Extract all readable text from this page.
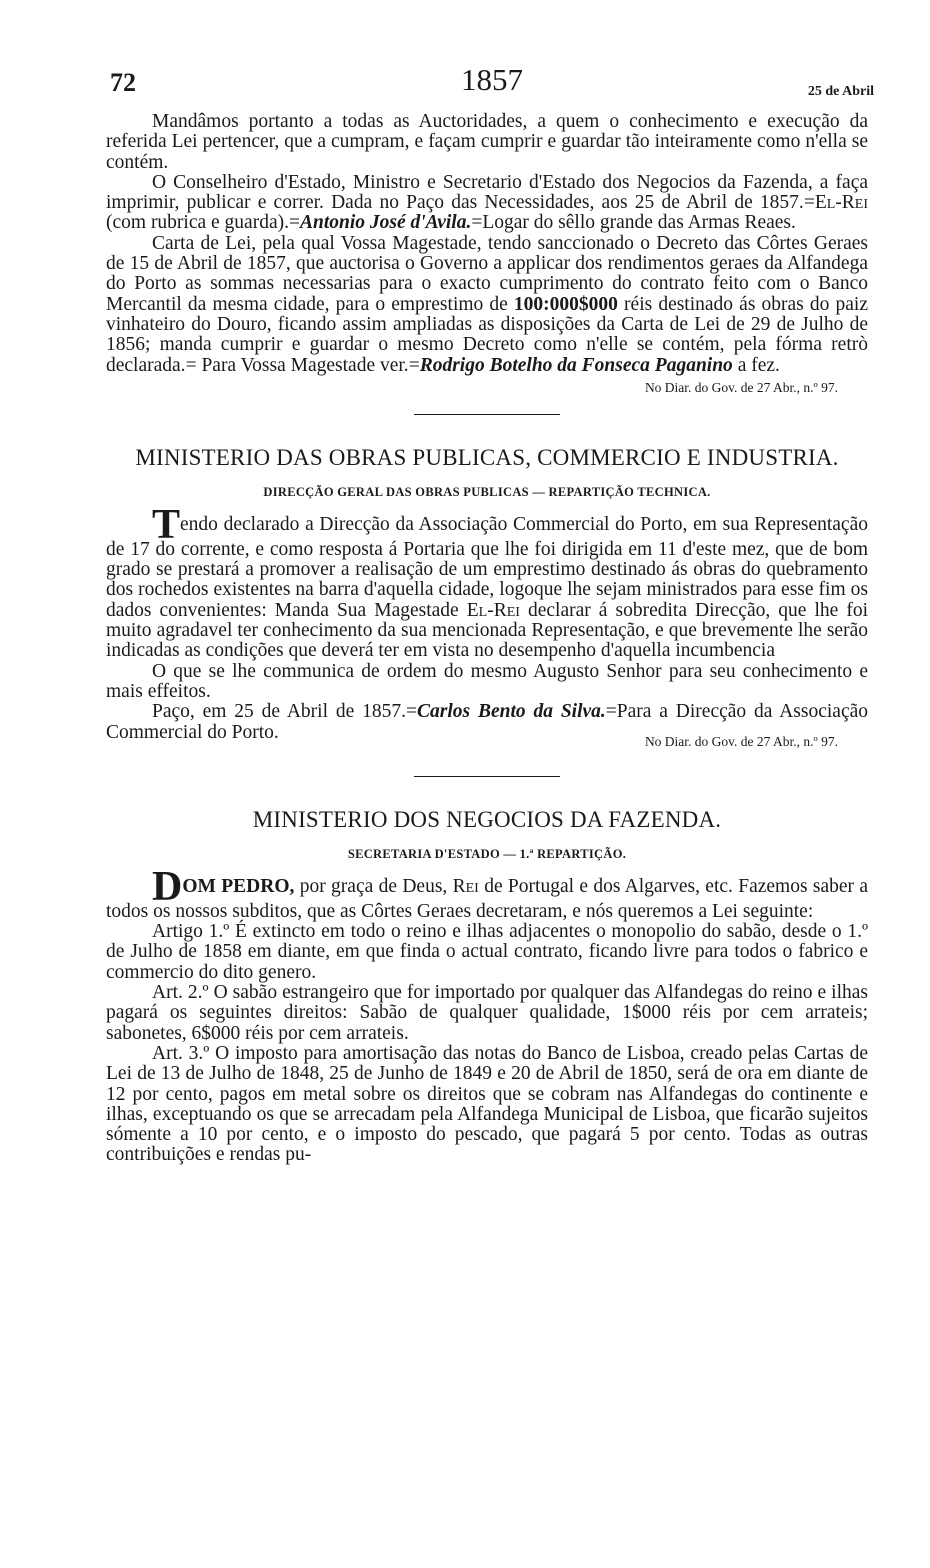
72	1857	25 de Abril

Mandâmos portanto a todas as Auctoridades, a quem o conhecimento e execução da referida Lei pertencer, que a cumpram, e façam cumprir e guardar tão inteiramente como n'ella se contém.

O Conselheiro d'Estado, Ministro e Secretario d'Estado dos Negocios da Fazenda, a faça imprimir, publicar e correr. Dada no Paço das Necessidades, aos 25 de Abril de 1857.=El-Rei (com rubrica e guarda).=Antonio José d'Avila.=Logar do sêllo grande das Armas Reaes.

Carta de Lei, pela qual Vossa Magestade, tendo sanccionado o Decreto das Côrtes Geraes de 15 de Abril de 1857, que auctorisa o Governo a applicar dos rendimentos geraes da Alfandega do Porto as sommas necessarias para o exacto cumprimento do contrato feito com o Banco Mercantil da mesma cidade, para o emprestimo de 100:000$000 réis destinado ás obras do paiz vinhateiro do Douro, ficando assim ampliadas as disposições da Carta de Lei de 29 de Julho de 1856; manda cumprir e guardar o mesmo Decreto como n'elle se contém, pela fórma retrò declarada.= Para Vossa Magestade ver.=Rodrigo Botelho da Fonseca Paganino a fez.

No Diar. do Gov. de 27 Abr., n.º 97.
MINISTERIO DAS OBRAS PUBLICAS, COMMERCIO E INDUSTRIA.
DIRECÇÃO GERAL DAS OBRAS PUBLICAS — REPARTIÇÃO TECHNICA.

Tendo declarado a Direcção da Associação Commercial do Porto, em sua Representação de 17 do corrente, e como resposta á Portaria que lhe foi dirigida em 11 d'este mez, que de bom grado se prestará a promover a realisação de um emprestimo destinado ás obras do quebramento dos rochedos existentes na barra d'aquella cidade, logoque lhe sejam ministrados para esse fim os dados convenientes: Manda Sua Magestade El-Rei declarar á sobredita Direcção, que lhe foi muito agradavel ter conhecimento da sua mencionada Representação, e que brevemente lhe serão indicadas as condições que deverá ter em vista no desempenho d'aquella incumbencia

O que se lhe communica de ordem do mesmo Augusto Senhor para seu conhecimento e mais effeitos.

Paço, em 25 de Abril de 1857.=Carlos Bento da Silva.=Para a Direcção da Associação Commercial do Porto.	No Diar. do Gov. de 27 Abr., n.º 97.

MINISTERIO DOS NEGOCIOS DA FAZENDA.
SECRETARIA D'ESTADO — 1.ª REPARTIÇÃO.

DOM PEDRO, por graça de Deus, Rei de Portugal e dos Algarves, etc. Fazemos saber a todos os nossos subditos, que as Côrtes Geraes decretaram, e nós queremos a Lei seguinte:

Artigo 1.º É extincto em todo o reino e ilhas adjacentes o monopolio do sabão, desde o 1.º de Julho de 1858 em diante, em que finda o actual contrato, ficando livre para todos o fabrico e commercio do dito genero.

Art. 2.º O sabão estrangeiro que for importado por qualquer das Alfandegas do reino e ilhas pagará os seguintes direitos: Sabão de qualquer qualidade, 1$000 réis por cem arrateis; sabonetes, 6$000 réis por cem arrateis.

Art. 3.º O imposto para amortisação das notas do Banco de Lisboa, creado pelas Cartas de Lei de 13 de Julho de 1848, 25 de Junho de 1849 e 20 de Abril de 1850, será de ora em diante de 12 por cento, pagos em metal sobre os direitos que se cobram nas Alfandegas do continente e ilhas, exceptuando os que se arrecadam pela Alfandega Municipal de Lisboa, que ficarão sujeitos sómente a 10 por cento, e o imposto do pescado, que pagará 5 por cento. Todas as outras contribuições e rendas pu-
